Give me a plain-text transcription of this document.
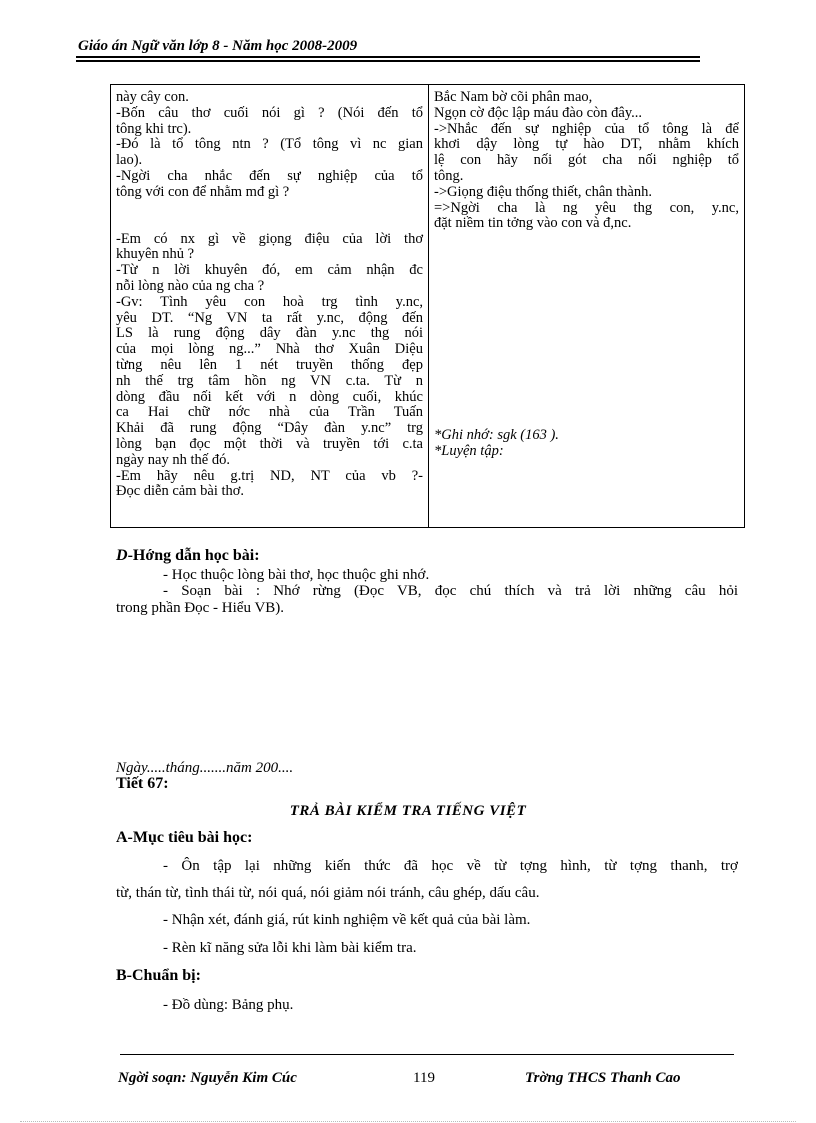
Giáo án Ngữ văn lớp 8 - Năm học 2008-2009
này cây con.
-Bốn câu thơ cuối nói gì ? (Nói đến tổ
tông khi trc).
-Đó là tổ tông ntn ? (Tổ tông vì nc gian
lao).
-Ngời cha nhắc đến sự nghiệp của tổ
tông với con để nhằm mđ gì ?
-Em có nx gì về giọng điệu của lời thơ
khuyên nhủ ?
-Từ n lời khuyên đó, em cảm nhận đc
nỗi lòng nào của ng cha ?
-Gv: Tình yêu con hoà trg tình y.nc,
yêu DT. “Ng VN ta rất y.nc, động đến
LS là rung động dây đàn y.nc thg nói
của mọi lòng ng...” Nhà thơ Xuân Diệu
từng nêu lên 1 nét truyền thống đẹp
nh thế trg tâm hồn ng VN c.ta. Từ n
dòng đầu nối kết với n dòng cuối, khúc
ca Hai chữ nớc nhà của Trần Tuấn
Khải đã rung động “Dây đàn y.nc” trg
lòng bạn đọc một thời và truyền tới c.ta
ngày nay nh thế đó.
-Em hãy nêu g.trị ND, NT của vb ?-
Đọc diễn cảm bài thơ.
Bắc Nam bờ cõi phân mao,
Ngọn cờ độc lập máu đào còn đây...
->Nhắc đến sự nghiệp của tổ tông là để
khơi dậy lòng tự hào DT, nhằm khích
lệ con hãy nối gót cha nối nghiệp tổ
tông.
->Giọng điệu thống thiết, chân thành.
=>Ngời cha là ng yêu thg con, y.nc,
đặt niềm tin tởng vào con và đ,nc.
*Ghi nhớ: sgk (163 ).
*Luyện tập:
D-Hớng dẫn học bài:
- Học thuộc lòng bài thơ, học thuộc ghi nhớ.
- Soạn bài : Nhớ rừng (Đọc VB, đọc chú thích và trả lời những câu hỏi
trong phần Đọc - Hiểu VB).
Ngày.....tháng.......năm 200....
Tiết 67:
TRẢ BÀI KIỂM TRA TIẾNG VIỆT
A-Mục tiêu bài học:
- Ôn tập lại những kiến thức đã học về từ tợng hình, từ tợng thanh, trợ
từ, thán từ, tình thái từ, nói quá, nói giảm nói tránh, câu ghép, dấu câu.
- Nhận xét, đánh giá, rút kinh nghiệm về kết quả của bài làm.
- Rèn kĩ năng sửa lỗi khi làm bài kiểm tra.
B-Chuẩn bị:
- Đồ dùng: Bảng phụ.
Ngời soạn: Nguyễn Kim Cúc	119	Trờng THCS Thanh Cao
